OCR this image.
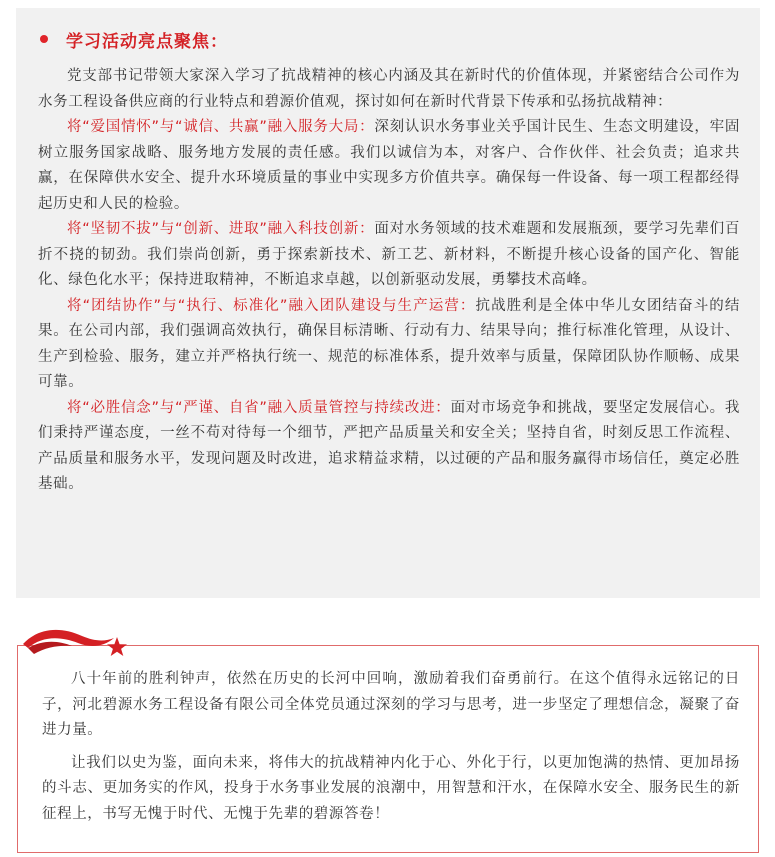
学习活动亮点聚焦：

党支部书记带领大家深入学习了抗战精神的核心内涵及其在新时代的价值体现，并紧密结合公司作为水务工程设备供应商的行业特点和碧源价值观，探讨如何在新时代背景下传承和弘扬抗战精神：

将“爱国情怀”与“诚信、共赢”融入服务大局：深刻认识水务事业关乎国计民生、生态文明建设，牢固树立服务国家战略、服务地方发展的责任感。我们以诚信为本，对客户、合作伙伴、社会负责；追求共赢，在保障供水安全、提升水环境质量的事业中实现多方价值共享。确保每一件设备、每一项工程都经得起历史和人民的检验。

将“坚韧不拔”与“创新、进取”融入科技创新：面对水务领域的技术难题和发展瓶颈，要学习先辈们百折不挠的韧劲。我们崇尚创新，勇于探索新技术、新工艺、新材料，不断提升核心设备的国产化、智能化、绿色化水平；保持进取精神，不断追求卓越，以创新驱动发展，勇攀技术高峰。

将“团结协作”与“执行、标准化”融入团队建设与生产运营：抗战胜利是全体中华儿女团结奋斗的结果。在公司内部，我们强调高效执行，确保目标清晰、行动有力、结果导向；推行标准化管理，从设计、生产到检验、服务，建立并严格执行统一、规范的标准体系，提升效率与质量，保障团队协作顺畅、成果可靠。

将“必胜信念”与“严谨、自省”融入质量管控与持续改进：面对市场竞争和挑战，要坚定发展信心。我们秉持严谨态度，一丝不苟对待每一个细节，严把产品质量关和安全关；坚持自省，时刻反思工作流程、产品质量和服务水平，发现问题及时改进，追求精益求精，以过硬的产品和服务赢得市场信任，奠定必胜基础。

八十年前的胜利钟声，依然在历史的长河中回响，激励着我们奋勇前行。在这个值得永远铭记的日子，河北碧源水务工程设备有限公司全体党员通过深刻的学习与思考，进一步坚定了理想信念，凝聚了奋进力量。

让我们以史为鉴，面向未来，将伟大的抗战精神内化于心、外化于行，以更加饱满的热情、更加昂扬的斗志、更加务实的作风，投身于水务事业发展的浪潮中，用智慧和汗水，在保障水安全、服务民生的新征程上，书写无愧于时代、无愧于先辈的碧源答卷！
